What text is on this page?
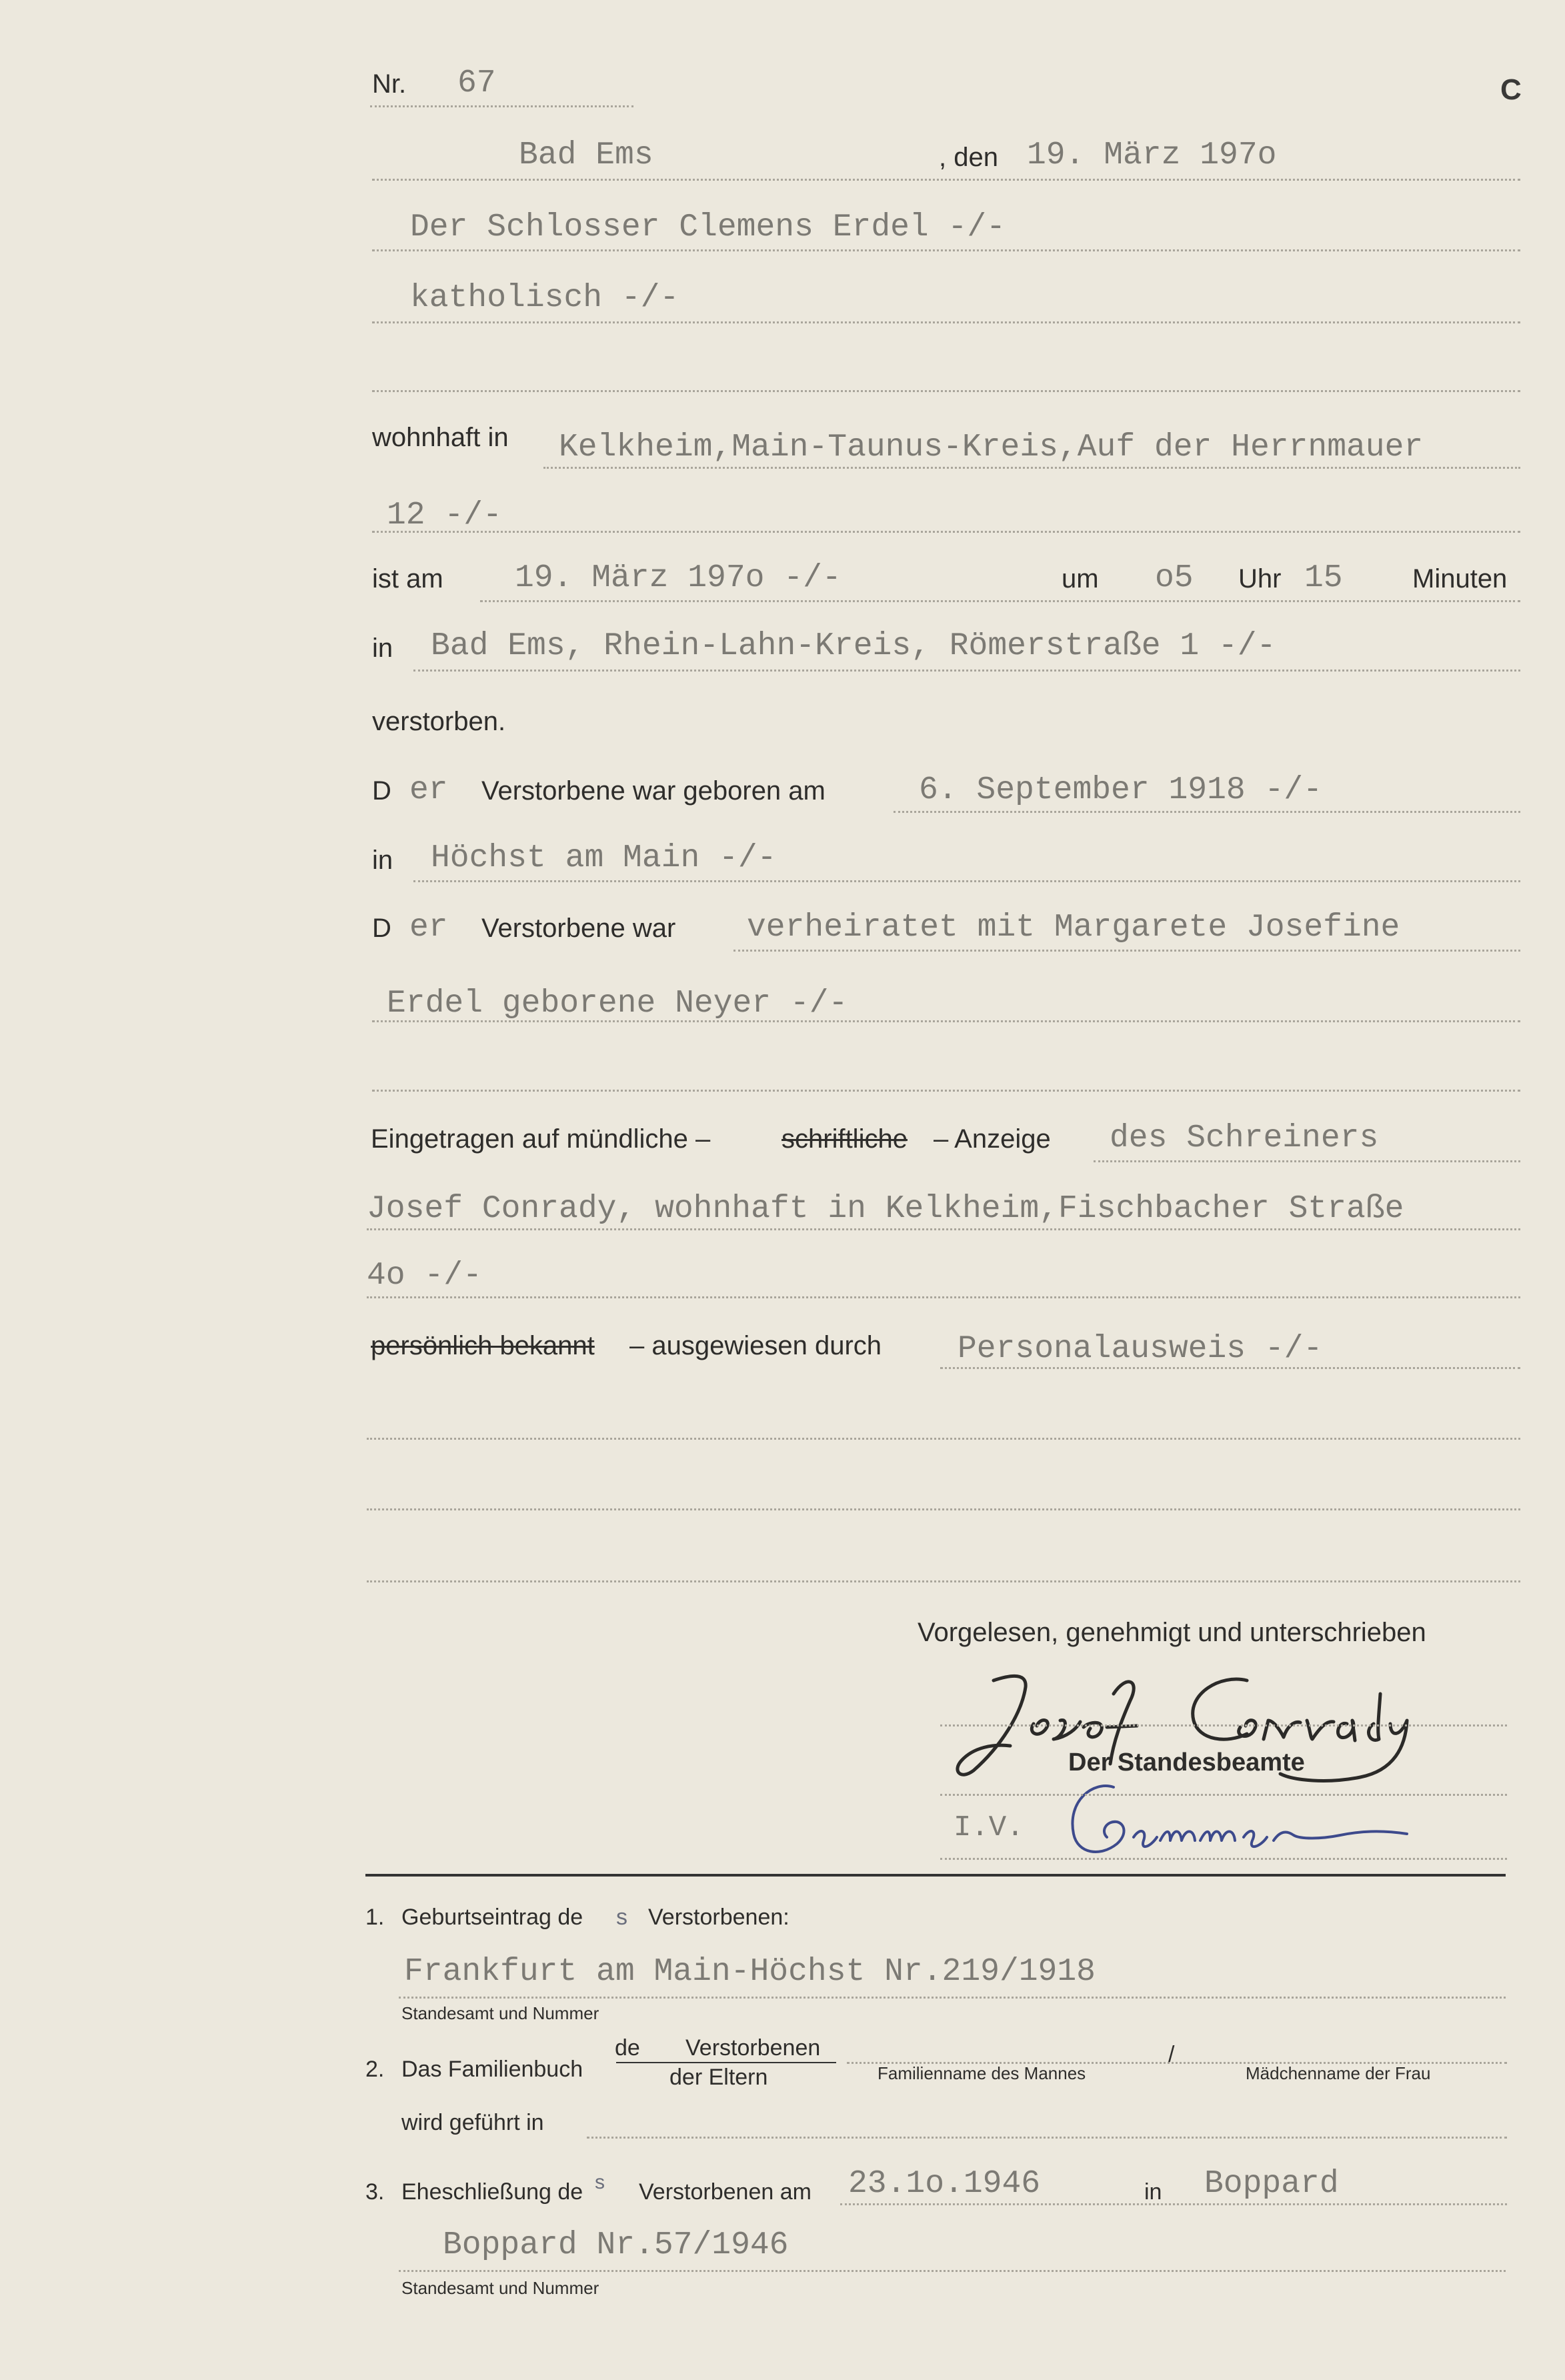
Nr. 67	C
Bad Ems	, den 19. März 197o
Der Schlosser Clemens Erdel -/-
katholisch -/-
wohnhaft in Kelkheim,Main-Taunus-Kreis,Auf der Herrnmauer
12 -/-
ist am 19. März 197o -/-	um o5 Uhr 15	Minuten
in Bad Ems, Rhein-Lahn-Kreis, Römerstraße 1 -/-
verstorben.
D er Verstorbene war geboren am	6. September 1918 -/-
in Höchst am Main -/-
D er Verstorbene war verheiratet mit Margarete Josefine
Erdel geborene Neyer -/-
Eingetragen auf mündliche –	schriftliche – Anzeige des Schreiners
Josef Conrady, wohnhaft in Kelkheim,Fischbacher Straße
4o -/-
persönlich bekannt – ausgewiesen durch Personalausweis -/-
Vorgelesen, genehmigt und unterschrieben
Der Standesbeamte
I.V.
1. Geburtseintrag de s Verstorbenen:
Frankfurt am Main-Höchst Nr.219/1918
Standesamt und Nummer
2. Das Familienbuch
de Verstorbenen
der Eltern	Familienname des Mannes
/
Mädchenname der Frau
wird geführt in
3. Eheschließung de s Verstorbenen am 23.1o.1946	in Boppard
Boppard Nr.57/1946
Standesamt und Nummer
